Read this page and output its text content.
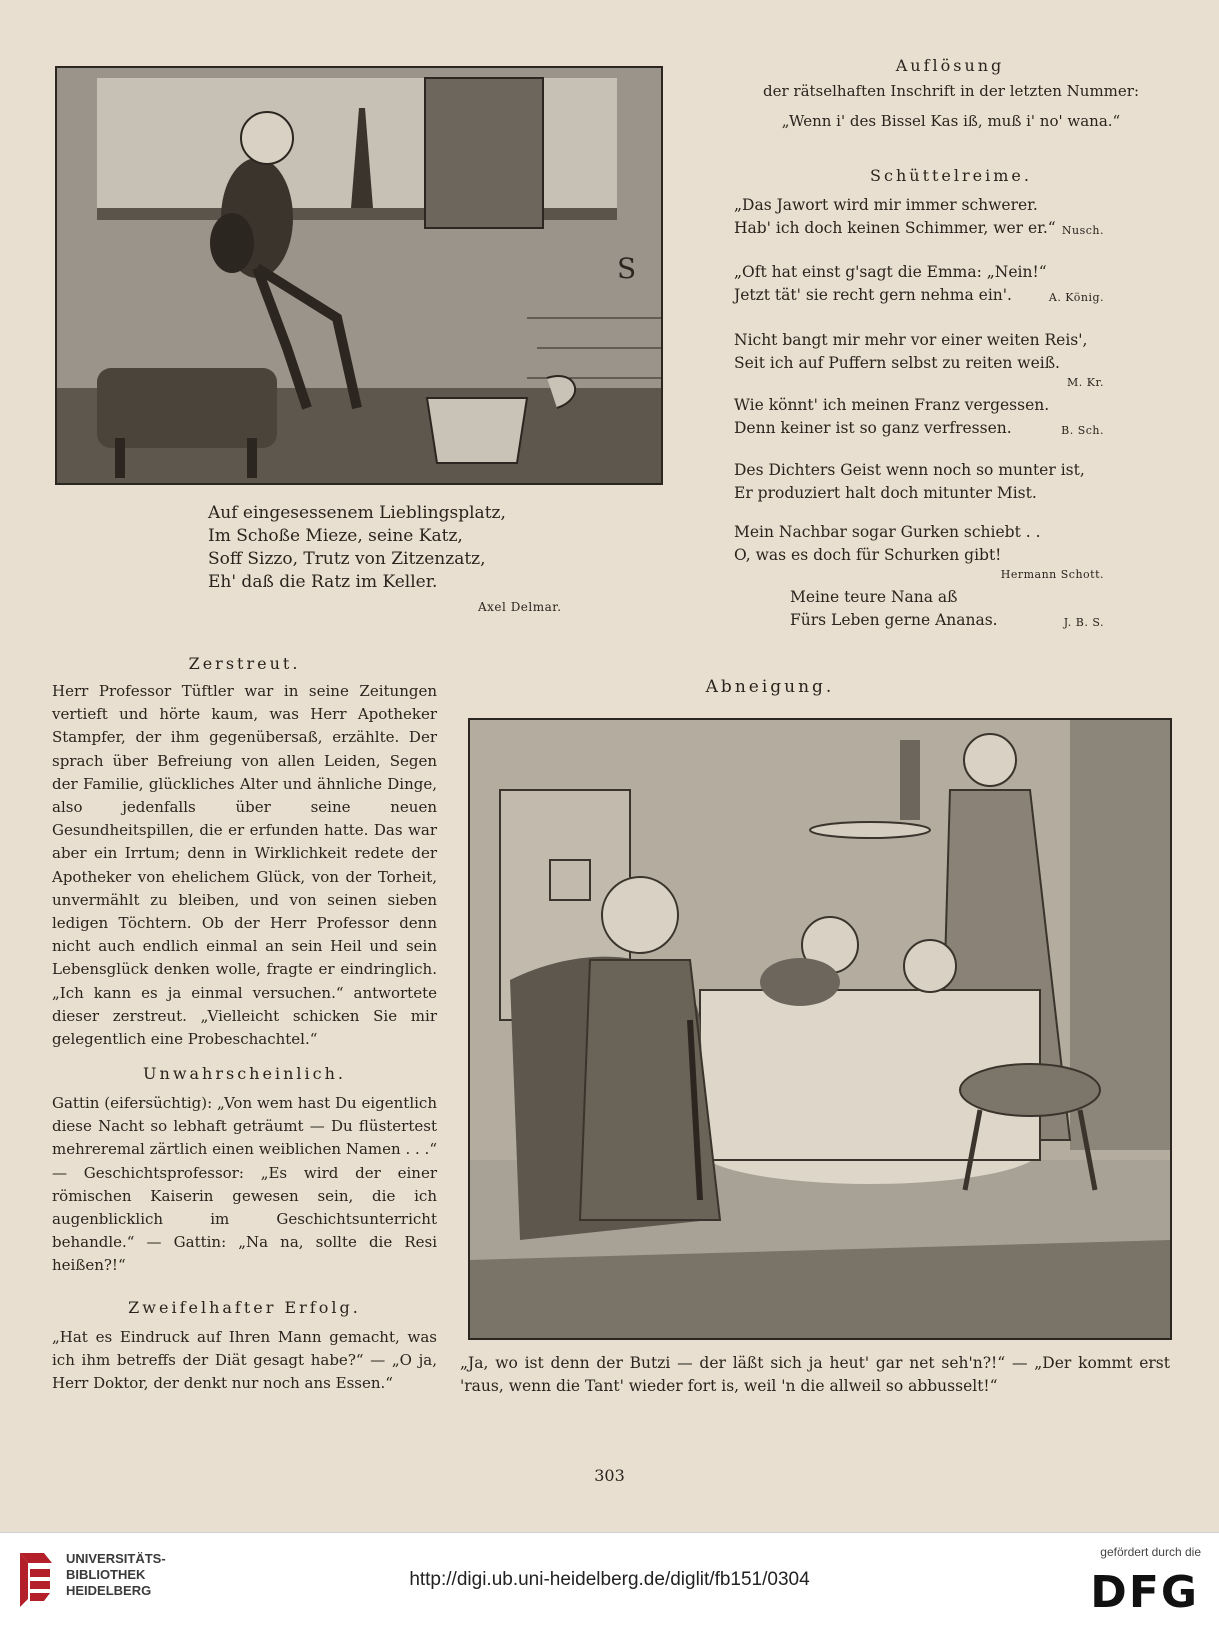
S
Auf eingesessenem Lieblingsplatz,
Im Schoße Mieze, seine Katz,
Soff Sizzo, Trutz von Zitzenzatz,
Eh' daß die Ratz im Keller.
Axel Delmar.
Auflösung
der rätselhaften Inschrift in der letzten Nummer:
„Wenn i' des Bissel Kas iß, muß i' no' wana.“
Schüttelreime.
„Das Jawort wird mir immer schwerer.
Hab' ich doch keinen Schimmer, wer er.“ Nusch.
„Oft hat einst g'sagt die Emma: „Nein!“
Jetzt tät' sie recht gern nehma ein'.	A. König.
Nicht bangt mir mehr vor einer weiten Reis',
Seit ich auf Puffern selbst zu reiten weiß.
M. Kr.
Wie könnt' ich meinen Franz vergessen.
Denn keiner ist so ganz verfressen.	B. Sch.
Des Dichters Geist wenn noch so munter ist,
Er produziert halt doch mitunter Mist.
Mein Nachbar sogar Gurken schiebt . .
O, was es doch für Schurken gibt!
Hermann Schott.
Meine teure Nana aß
Fürs Leben gerne Ananas.	J. B. S.
Zerstreut.
Herr Professor Tüftler war in seine Zeitungen vertieft und hörte kaum, was Herr Apotheker Stampfer, der ihm gegenübersaß, erzählte. Der sprach über Befreiung von allen Leiden, Segen der Familie, glückliches Alter und ähnliche Dinge, also jedenfalls über seine neuen Gesundheitspillen, die er erfunden hatte. Das war aber ein Irrtum; denn in Wirklichkeit redete der Apotheker von ehelichem Glück, von der Torheit, unvermählt zu bleiben, und von seinen sieben ledigen Töchtern. Ob der Herr Professor denn nicht auch endlich einmal an sein Heil und sein Lebensglück denken wolle, fragte er eindringlich. „Ich kann es ja einmal versuchen.“ antwortete dieser zerstreut. „Vielleicht schicken Sie mir gelegentlich eine Probeschachtel.“
Unwahrscheinlich.
Gattin (eifersüchtig): „Von wem hast Du eigentlich diese Nacht so lebhaft geträumt — Du flüstertest mehreremal zärtlich einen weiblichen Namen . . .“ — Geschichtsprofessor: „Es wird der einer römischen Kaiserin gewesen sein, die ich augenblicklich im Geschichtsunterricht behandle.“ — Gattin: „Na na, sollte die Resi heißen?!“
Zweifelhafter Erfolg.
„Hat es Eindruck auf Ihren Mann gemacht, was ich ihm betreffs der Diät gesagt habe?“ — „O ja, Herr Doktor, der denkt nur noch ans Essen.“
Abneigung.
„Ja, wo ist denn der Butzi — der läßt sich ja heut' gar net seh'n?!“ — „Der kommt erst 'raus, wenn die Tant' wieder fort is, weil 'n die allweil so abbusselt!“
303
UNIVERSITÄTS-
BIBLIOTHEK
HEIDELBERG
http://digi.ub.uni-heidelberg.de/diglit/fb151/0304
gefördert durch die
DFG
